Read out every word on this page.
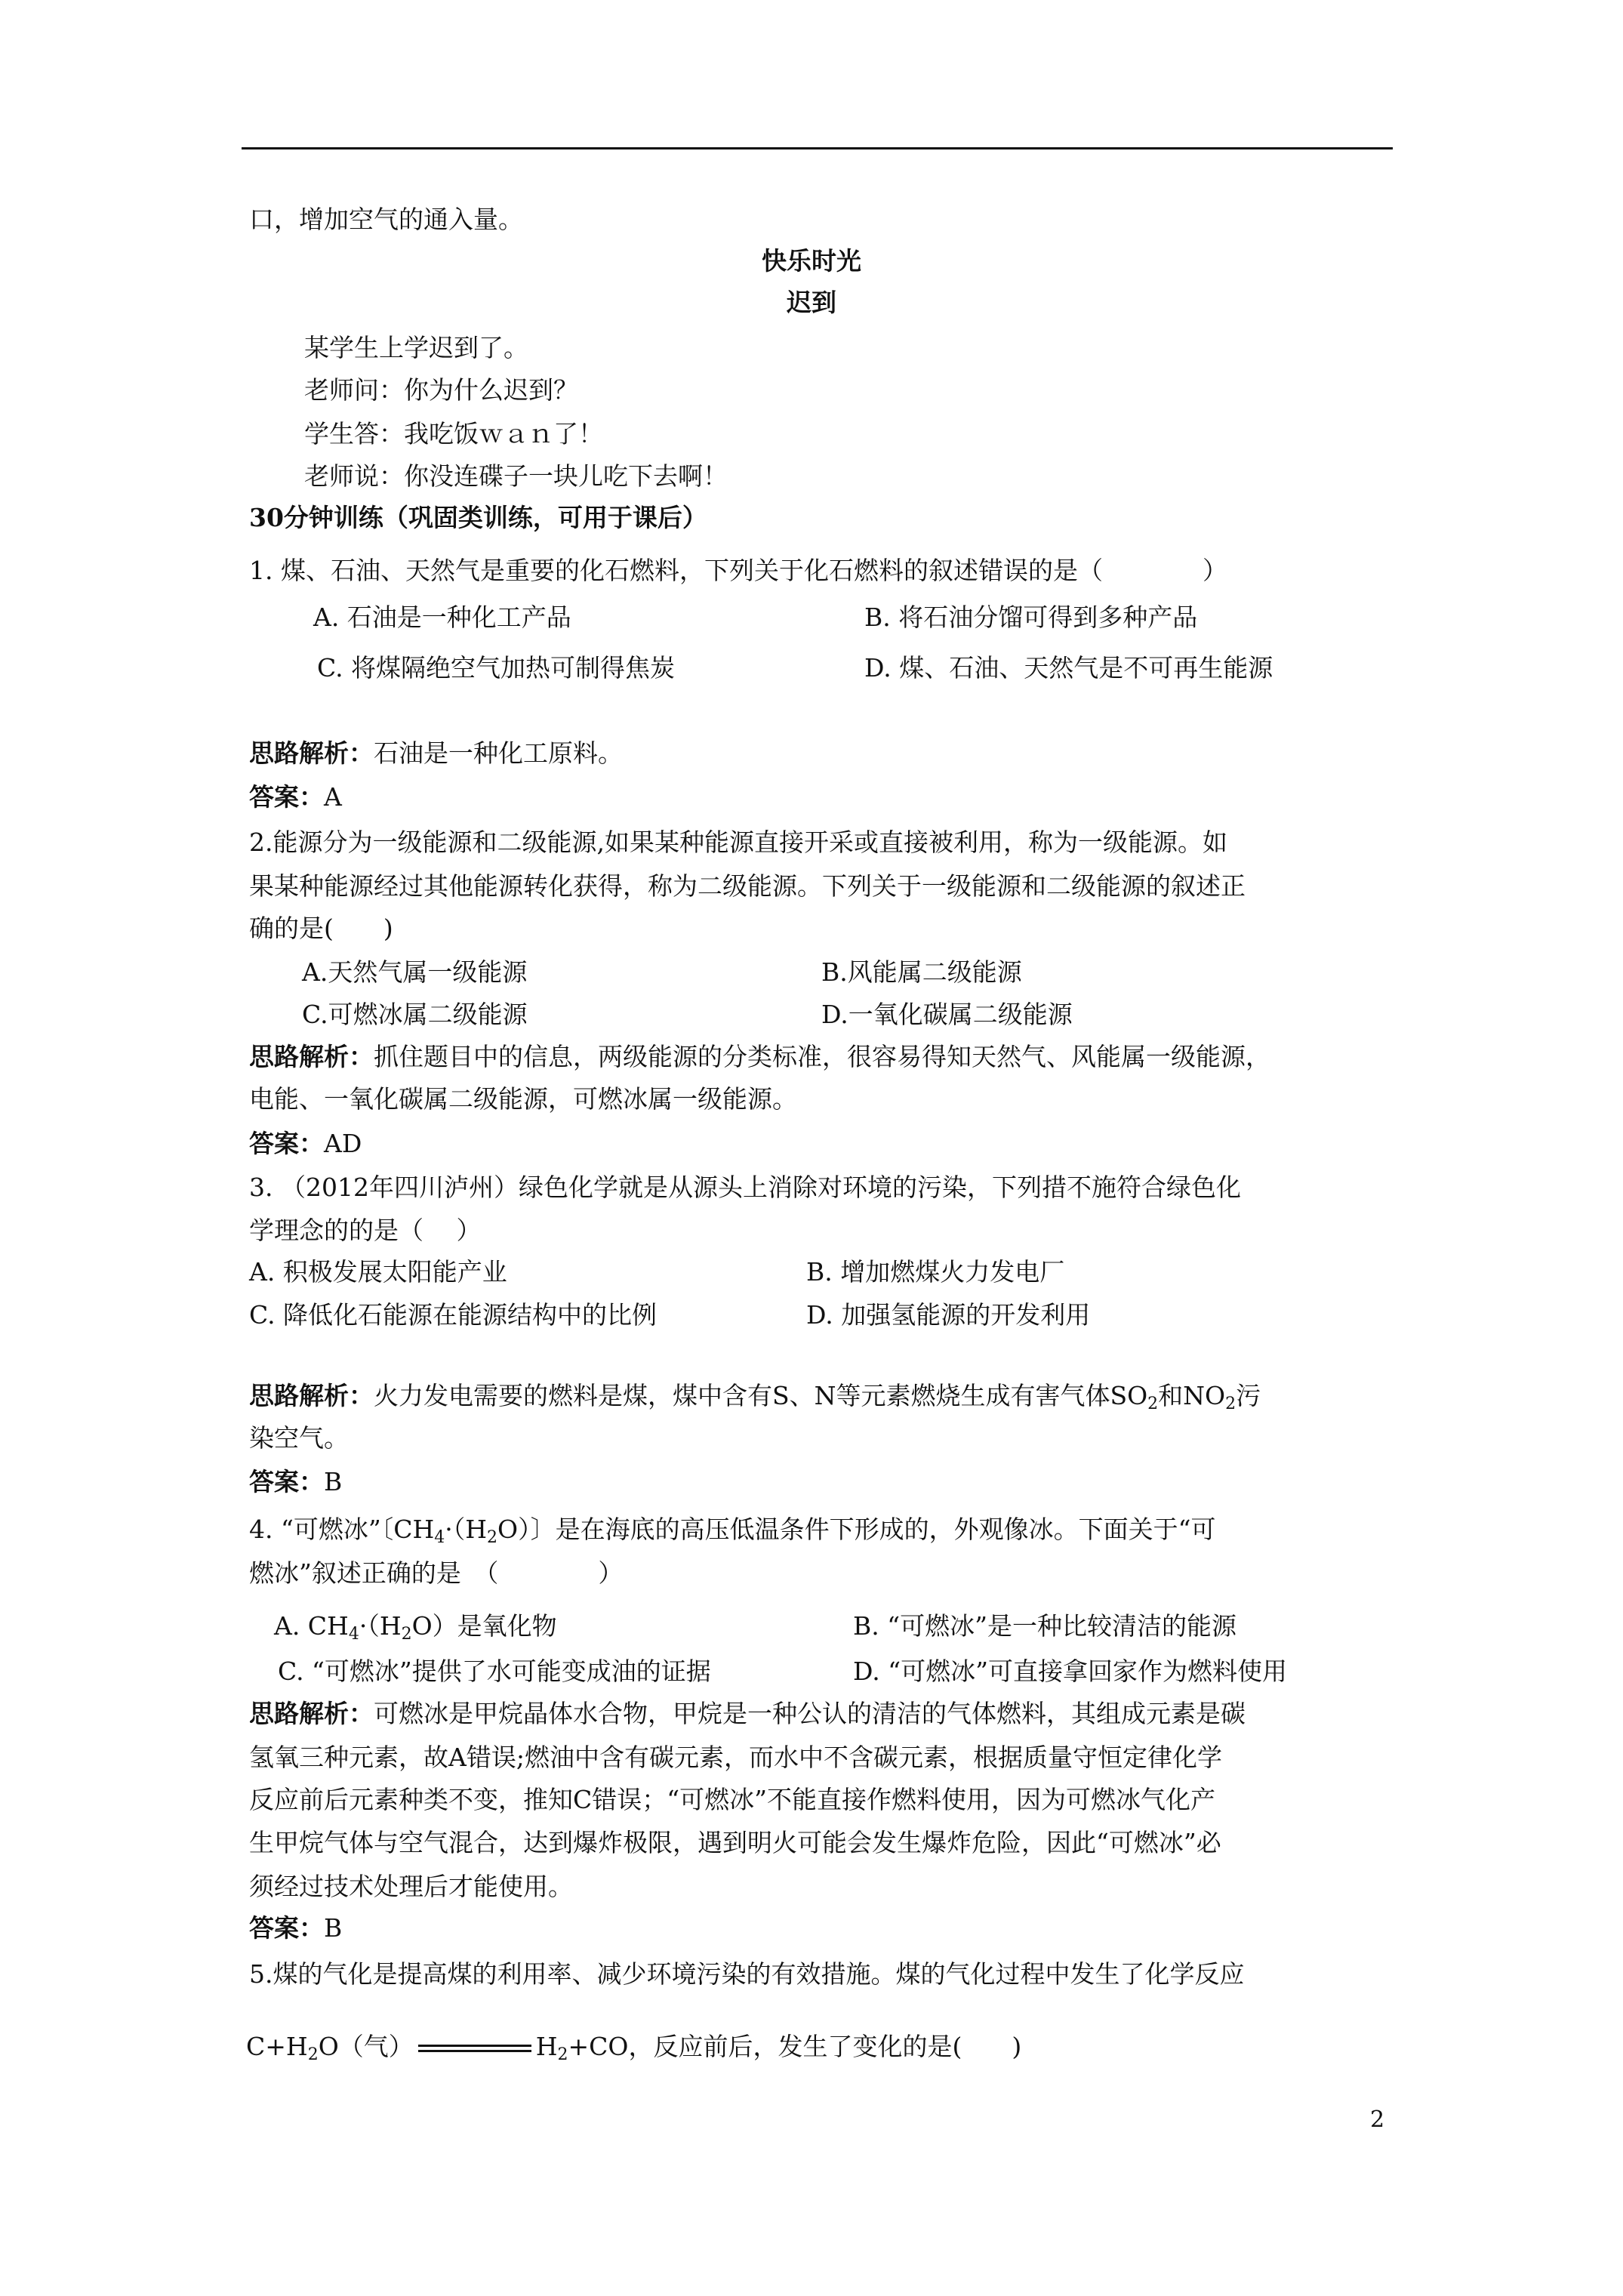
口，增加空气的通入量。
快乐时光
迟到
某学生上学迟到了。
老师问：你为什么迟到？
学生答：我吃饭ｗａｎ了！
老师说：你没连碟子一块儿吃下去啊！
30分钟训练（巩固类训练，可用于课后）
1. 煤、石油、天然气是重要的化石燃料，下列关于化石燃料的叙述错误的是（　　　　）
A. 石油是一种化工产品	B. 将石油分馏可得到多种产品
C. 将煤隔绝空气加热可制得焦炭	D. 煤、石油、天然气是不可再生能源
思路解析：石油是一种化工原料。
答案：A
2.能源分为一级能源和二级能源,如果某种能源直接开采或直接被利用，称为一级能源。如
果某种能源经过其他能源转化获得，称为二级能源。下列关于一级能源和二级能源的叙述正
确的是(　　)
A.天然气属一级能源	B.风能属二级能源
C.可燃冰属二级能源	D.一氧化碳属二级能源
思路解析：抓住题目中的信息，两级能源的分类标准，很容易得知天然气、风能属一级能源，
电能、一氧化碳属二级能源，可燃冰属一级能源。
答案：AD
3. （2012年四川泸州）绿色化学就是从源头上消除对环境的污染，下列措不施符合绿色化
学理念的的是（　 ）
A. 积极发展太阳能产业	B. 增加燃煤火力发电厂
C. 降低化石能源在能源结构中的比例	D. 加强氢能源的开发利用
思路解析：火力发电需要的燃料是煤，煤中含有S、N等元素燃烧生成有害气体$SO_2$和$NO_2$污
染空气。
答案：B
4. “可燃冰”〔$CH_4\cdot(H_2O)$〕是在海底的高压低温条件下形成的，外观像冰。下面关于“可
燃冰”叙述正确的是　（　　　　）
A. $CH_4\cdot(H_2O)$是氧化物	B. “可燃冰”是一种比较清洁的能源
C. “可燃冰”提供了水可能变成油的证据	D. “可燃冰”可直接拿回家作为燃料使用
思路解析：可燃冰是甲烷晶体水合物，甲烷是一种公认的清洁的气体燃料，其组成元素是碳
氢氧三种元素，故A错误;燃油中含有碳元素，而水中不含碳元素，根据质量守恒定律化学
反应前后元素种类不变，推知C错误；“可燃冰”不能直接作燃料使用，因为可燃冰气化产
生甲烷气体与空气混合，达到爆炸极限，遇到明火可能会发生爆炸危险，因此“可燃冰”必
须经过技术处理后才能使用。
答案：B
5.煤的气化是提高煤的利用率、减少环境污染的有效措施。煤的气化过程中发生了化学反应
$C+H_2O$（气）	$H_2+CO$，反应前后，发生了变化的是(　　)
2
